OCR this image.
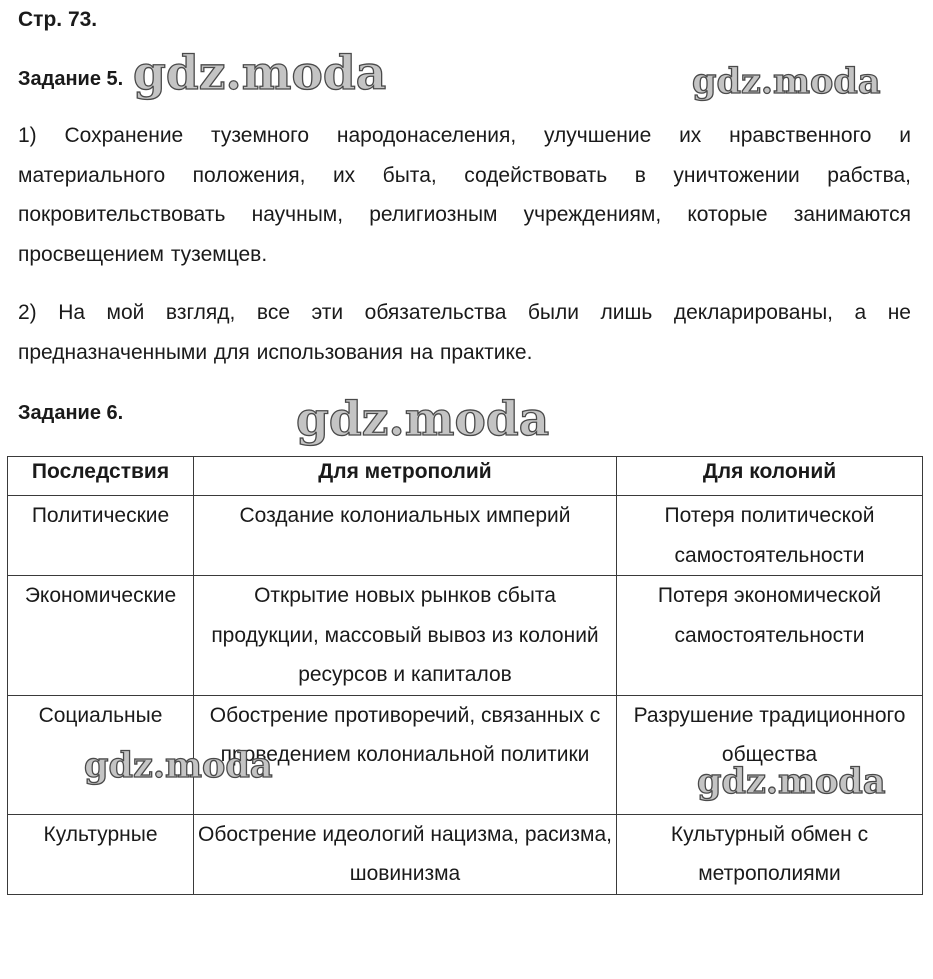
Стр. 73.
Задание 5. gdz.moda	gdz.moda
1) Сохранение туземного народонаселения, улучшение их нравственного и материального положения, их быта, содействовать в уничтожении рабства, покровительствовать научным, религиозным учреждениям, которые занимаются просвещением туземцев.
2) На мой взгляд, все эти обязательства были лишь декларированы, а не предназначенными для использования на практике.
Задание 6.	gdz.moda
Последствия	Для метрополий	Для колоний
Политические	Создание колониальных империй	Потеря политической самостоятельности
Экономические	Открытие новых рынков сбыта продукции, массовый вывоз из колоний ресурсов и капиталов	Потеря экономической самостоятельности
Социальные	Обострение противоречий, связанных с проведением колониальной политики	Разрушение традиционного общества
Культурные	Обострение идеологий нацизма, расизма, шовинизма	Культурный обмен с метрополиями
gdz.moda	gdz.moda
